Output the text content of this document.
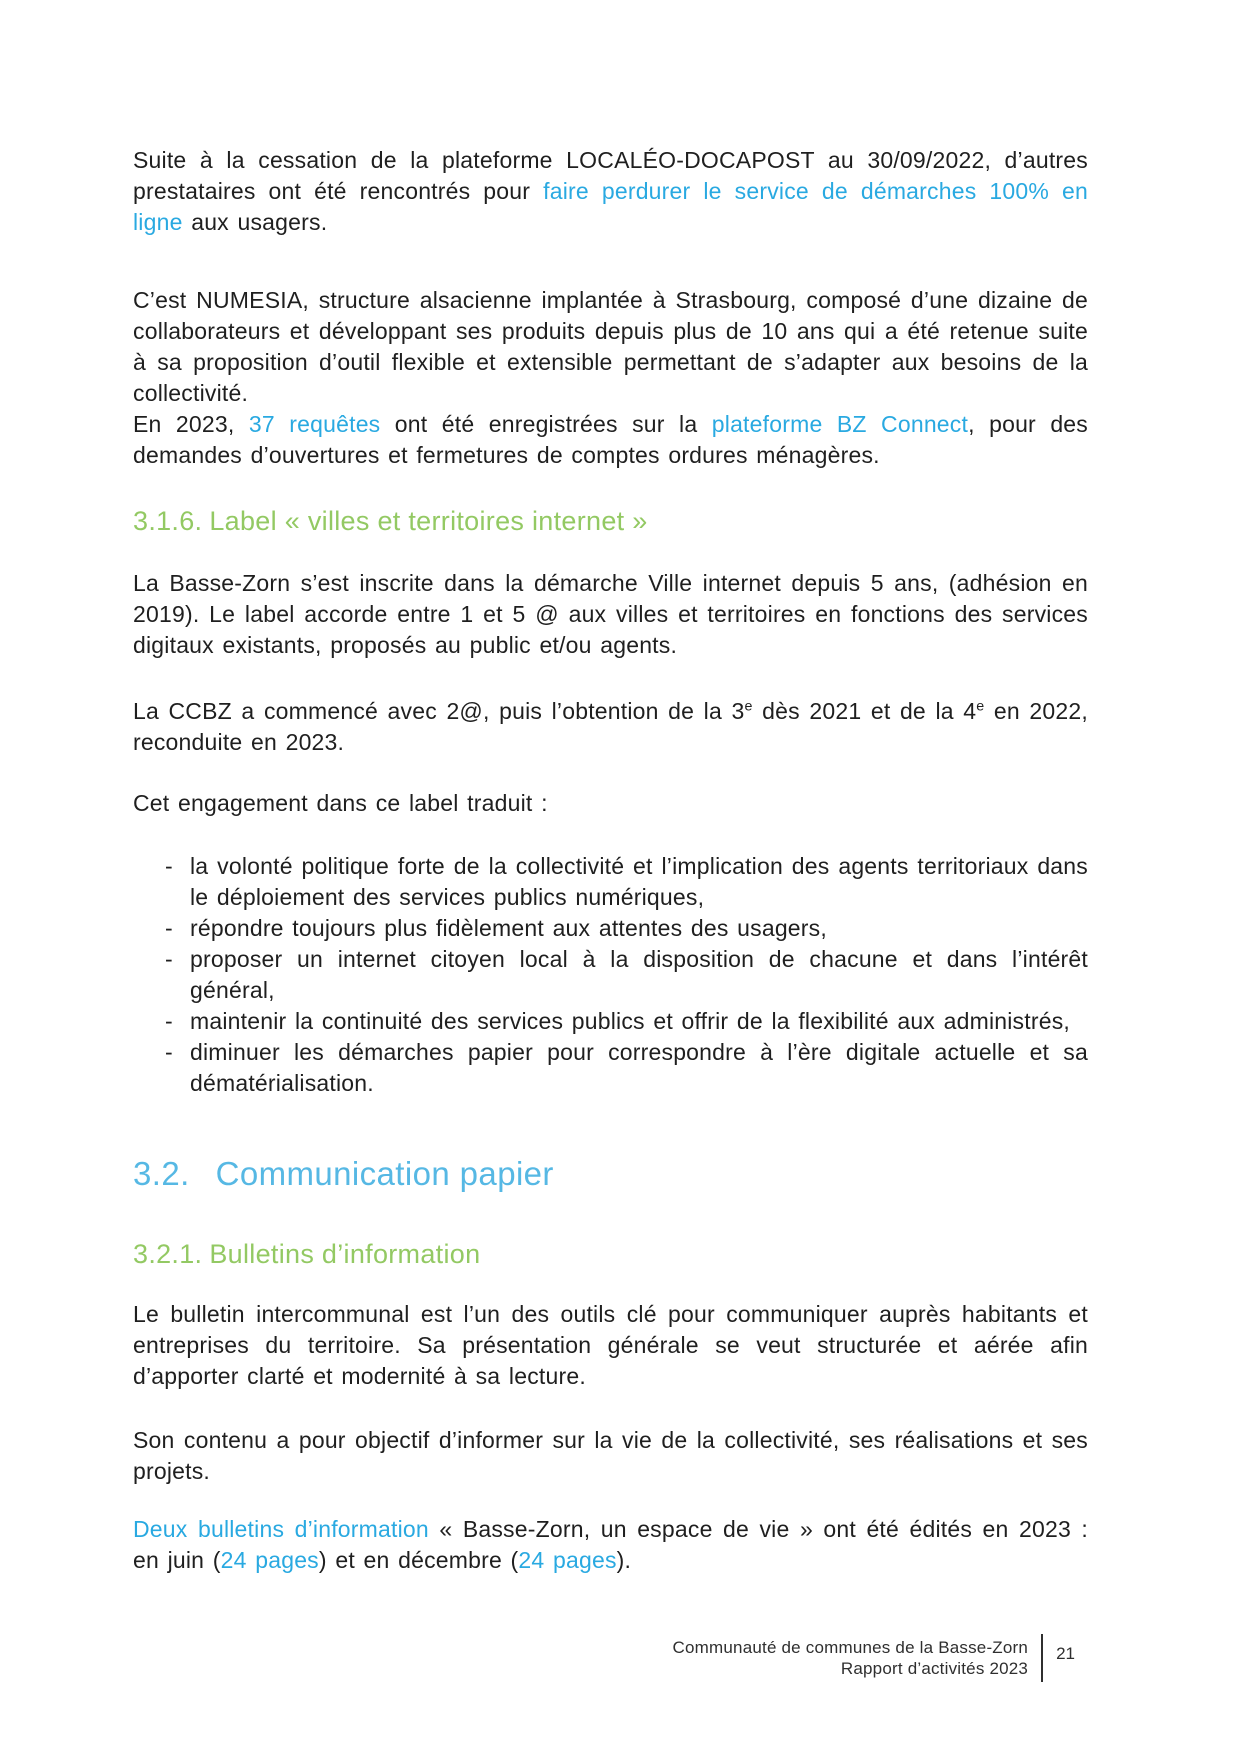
Suite à la cessation de la plateforme LOCALÉO-DOCAPOST au 30/09/2022, d’autres prestataires ont été rencontrés pour faire perdurer le service de démarches 100% en ligne aux usagers.

C’est NUMESIA, structure alsacienne implantée à Strasbourg, composé d’une dizaine de collaborateurs et développant ses produits depuis plus de 10 ans qui a été retenue suite à sa proposition d’outil flexible et extensible permettant de s’adapter aux besoins de la collectivité.

En 2023, 37 requêtes ont été enregistrées sur la plateforme BZ Connect, pour des demandes d’ouvertures et fermetures de comptes ordures ménagères.

3.1.6. Label « villes et territoires internet »

La Basse-Zorn s’est inscrite dans la démarche Ville internet depuis 5 ans, (adhésion en 2019). Le label accorde entre 1 et 5 @ aux villes et territoires en fonctions des services digitaux existants, proposés au public et/ou agents.

La CCBZ a commencé avec 2@, puis l’obtention de la 3e dès 2021 et de la 4e en 2022, reconduite en 2023.

Cet engagement dans ce label traduit :

- la volonté politique forte de la collectivité et l’implication des agents territoriaux dans le déploiement des services publics numériques,
- répondre toujours plus fidèlement aux attentes des usagers,
- proposer un internet citoyen local à la disposition de chacune et dans l’intérêt général,
- maintenir la continuité des services publics et offrir de la flexibilité aux administrés,
- diminuer les démarches papier pour correspondre à l’ère digitale actuelle et sa dématérialisation.
3.2. Communication papier
3.2.1. Bulletins d’information

Le bulletin intercommunal est l’un des outils clé pour communiquer auprès habitants et entreprises du territoire. Sa présentation générale se veut structurée et aérée afin d’apporter clarté et modernité à sa lecture.

Son contenu a pour objectif d’informer sur la vie de la collectivité, ses réalisations et ses projets.

Deux bulletins d’information « Basse-Zorn, un espace de vie » ont été édités en 2023 : en juin (24 pages) et en décembre (24 pages).

Communauté de communes de la Basse-Zorn
Rapport d’activités 2023
21
